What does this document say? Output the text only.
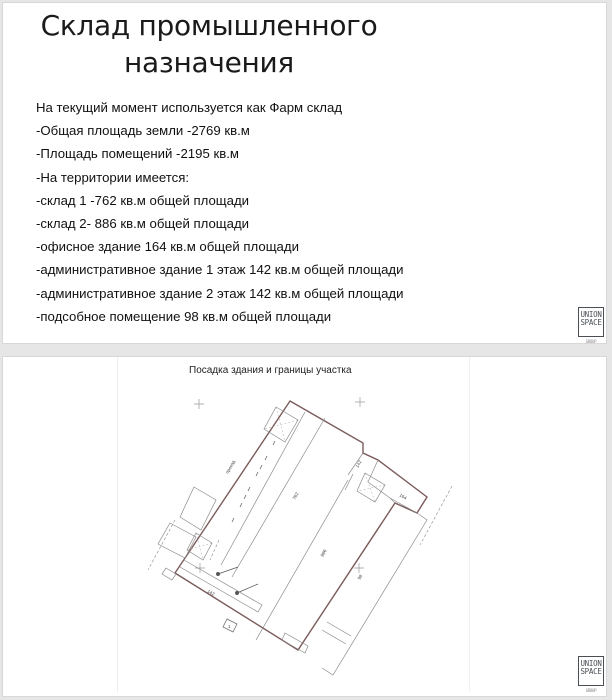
Склад промышленного
назначения
На текущий момент используется как Фарм склад
-Общая площадь земли -2769 кв.м
-Площадь помещений -2195 кв.м
-На территории имеется:
-склад 1 -762 кв.м общей площади
-склад 2- 886 кв.м общей площади
-офисное здание 164 кв.м общей площади
-административное здание 1 этаж 142 кв.м общей площади
-административное здание 2 этаж 142 кв.м общей площади
-подсобное помещение 98 кв.м общей площади	UNION
SPACE
GROUP
Посадка здания и границы участка
762
886
98
164
142
142
проезд
1
UNION
SPACE
GROUP
